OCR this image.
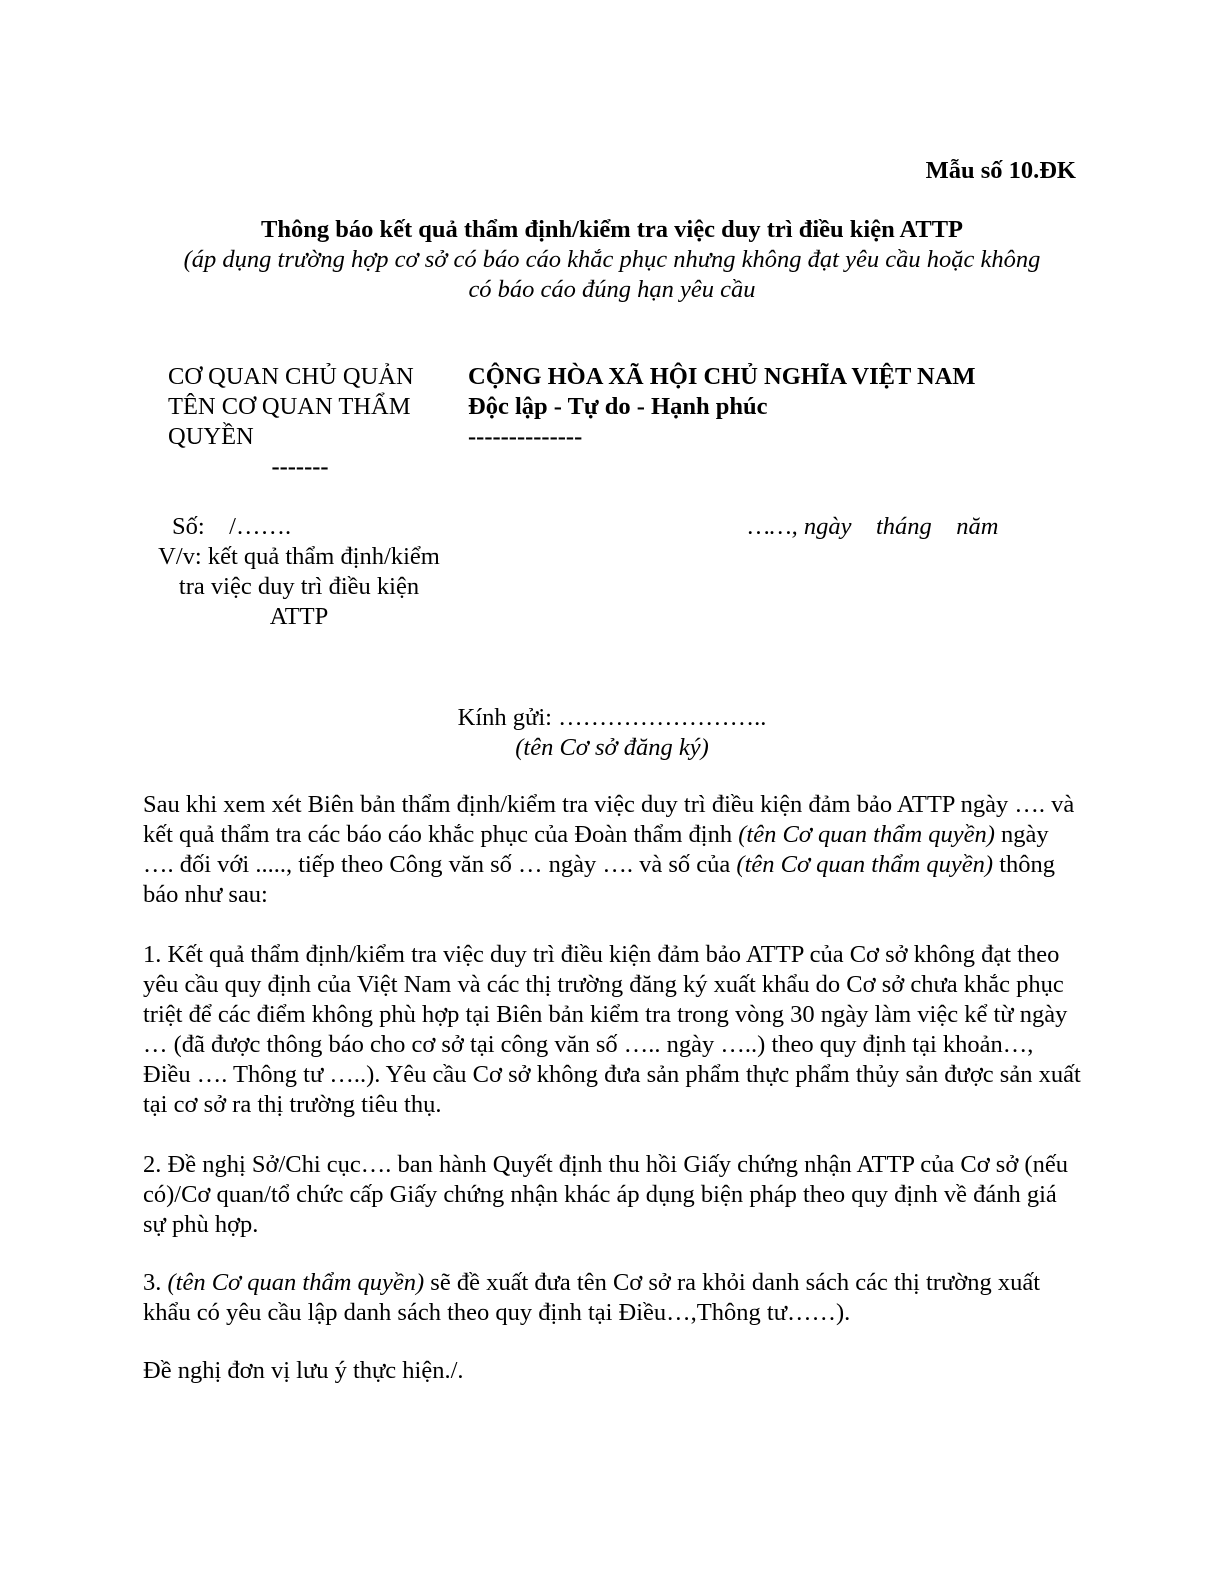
Mẫu số 10.ĐK
Thông báo kết quả thẩm định/kiểm tra việc duy trì điều kiện ATTP
(áp dụng trường hợp cơ sở có báo cáo khắc phục nhưng không đạt yêu cầu hoặc không
có báo cáo đúng hạn yêu cầu
CƠ QUAN CHỦ QUẢN
TÊN CƠ QUAN THẨM
QUYỀN
-------
CỘNG HÒA XÃ HỘI CHỦ NGHĨA VIỆT NAM
Độc lập - Tự do - Hạnh phúc
--------------
Số:    /…….
V/v: kết quả thẩm định/kiểm
tra việc duy trì điều kiện
ATTP
……, ngày    tháng    năm
Kính gửi: ……………………..
(tên Cơ sở đăng ký)
Sau khi xem xét Biên bản thẩm định/kiểm tra việc duy trì điều kiện đảm bảo ATTP ngày …. và kết quả thẩm tra các báo cáo khắc phục của Đoàn thẩm định (tên Cơ quan thẩm quyền) ngày …. đối với ....., tiếp theo Công văn số … ngày …. và số của (tên Cơ quan thẩm quyền) thông báo như sau:
1. Kết quả thẩm định/kiểm tra việc duy trì điều kiện đảm bảo ATTP của Cơ sở không đạt theo yêu cầu quy định của Việt Nam và các thị trường đăng ký xuất khẩu do Cơ sở chưa khắc phục triệt để các điểm không phù hợp tại Biên bản kiểm tra trong vòng 30 ngày làm việc kể từ ngày … (đã được thông báo cho cơ sở tại công văn số ….. ngày …..) theo quy định tại khoản…, Điều …. Thông tư …..). Yêu cầu Cơ sở không đưa sản phẩm thực phẩm thủy sản được sản xuất tại cơ sở ra thị trường tiêu thụ.
2. Đề nghị Sở/Chi cục…. ban hành Quyết định thu hồi Giấy chứng nhận ATTP của Cơ sở (nếu có)/Cơ quan/tổ chức cấp Giấy chứng nhận khác áp dụng biện pháp theo quy định về đánh giá sự phù hợp.
3. (tên Cơ quan thẩm quyền) sẽ đề xuất đưa tên Cơ sở ra khỏi danh sách các thị trường xuất khẩu có yêu cầu lập danh sách theo quy định tại Điều…,Thông tư……).
Đề nghị đơn vị lưu ý thực hiện./.
